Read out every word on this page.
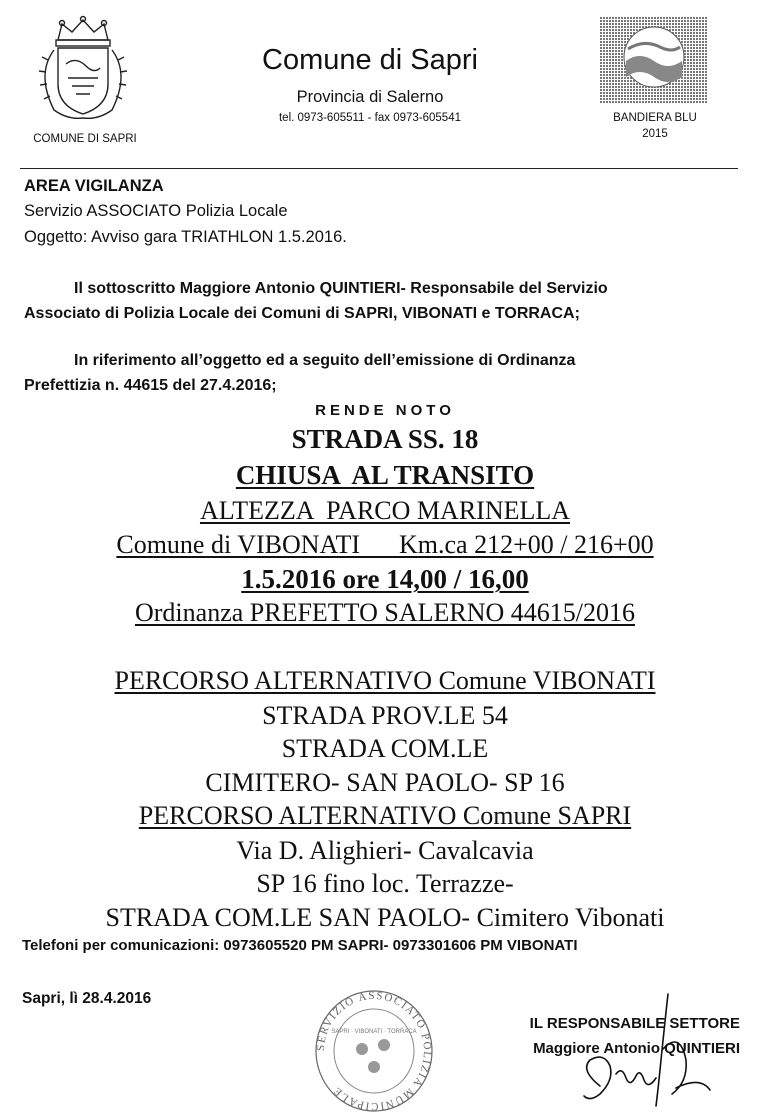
COMUNE DI SAPRI
Comune di Sapri
Provincia di Salerno
tel. 0973-605511 - fax 0973-605541	BANDIERA BLU
2015
AREA VIGILANZA
Servizio ASSOCIATO Polizia Locale
Oggetto: Avviso gara TRIATHLON 1.5.2016.
Il sottoscritto Maggiore Antonio QUINTIERI- Responsabile del Servizio
Associato di Polizia Locale dei Comuni di SAPRI, VIBONATI e TORRACA;
In riferimento all’oggetto ed a seguito dell’emissione di Ordinanza
Prefettizia n. 44615 del 27.4.2016;
RENDE NOTO
STRADA SS. 18
CHIUSA  AL TRANSITO
ALTEZZA  PARCO MARINELLA
Comune di VIBONATI      Km.ca 212+00 / 216+00
1.5.2016 ore 14,00 / 16,00
Ordinanza PREFETTO SALERNO 44615/2016
PERCORSO ALTERNATIVO Comune VIBONATI
STRADA PROV.LE 54
STRADA COM.LE
CIMITERO- SAN PAOLO- SP 16
PERCORSO ALTERNATIVO Comune SAPRI
Via D. Alighieri- Cavalcavia
SP 16 fino loc. Terrazze-
STRADA COM.LE SAN PAOLO- Cimitero Vibonati
Telefoni per comunicazioni: 0973605520 PM SAPRI- 0973301606 PM VIBONATI
Sapri, lì 28.4.2016
SERVIZIO ASSOCIATO POLIZIA MUNICIPALE
SAPRI · VIBONATI · TORRACA	IL RESPONSABILE SETTORE
Maggiore Antonio QUINTIERI
